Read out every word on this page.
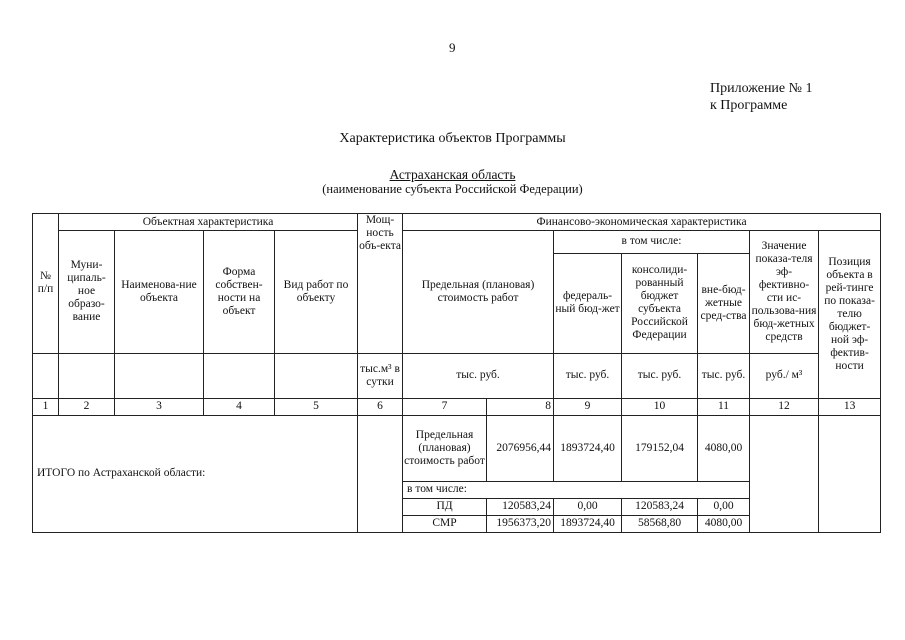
9
Приложение № 1
к Программе
Характеристика объектов Программы
Астраханская область
(наименование субъекта Российской Федерации)
№ п/п	Объектная характеристика				Мощ-ность объ-екта	Финансово-экономическая характеристика							
	Муни-ципаль-ное образо-вание	Наименова-ние объекта	Форма собствен-ности на объект	Вид работ по объекту		Предельная (плановая) стоимость работ		в том числе:			Значение показа-теля эф-фективно-сти ис-пользова-ния бюд-жетных средств	Позиция объекта в рей-тинге по показа-телю бюджет-ной эф-фектив-ности	
								федераль-ный бюд-жет	консолиди-рованный бюджет субъекта Российской Федерации	вне-бюд-жетные сред-ства			
					тыс.м³ в сутки	тыс. руб.		тыс. руб.	тыс. руб.	тыс. руб.	руб./ м³		
1	2	3	4	5	6	7	8	9	10	11	12	13	
ИТОГО по Астраханской области:						Предельная (плановая) стоимость работ	2076956,44	1893724,40	179152,04	4080,00			
						в том числе:							
						ПД	120583,24	0,00	120583,24	0,00			
						СМР	1956373,20	1893724,40	58568,80	4080,00			
